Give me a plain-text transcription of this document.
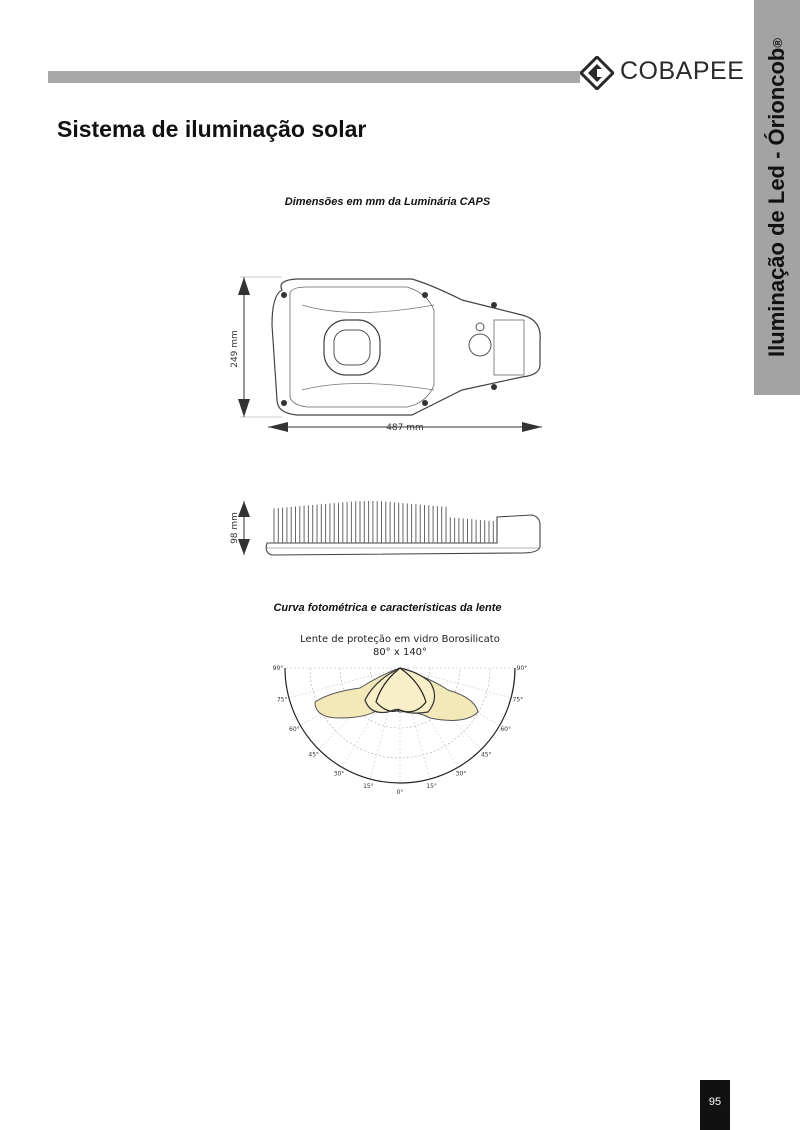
COBAPEE Iluminação de Led - Órioncob
®
Sistema de iluminação solar
Dimensões em mm da Luminária CAPS
249 mm
487 mm
98 mm
Curva fotométrica e características da lente
Lente de proteção em vidro Borosilicato
80° x 140°
90°	90°
75°	75°
60°	60°
45°	45°
30°	30°
15°	15°
0°
95
